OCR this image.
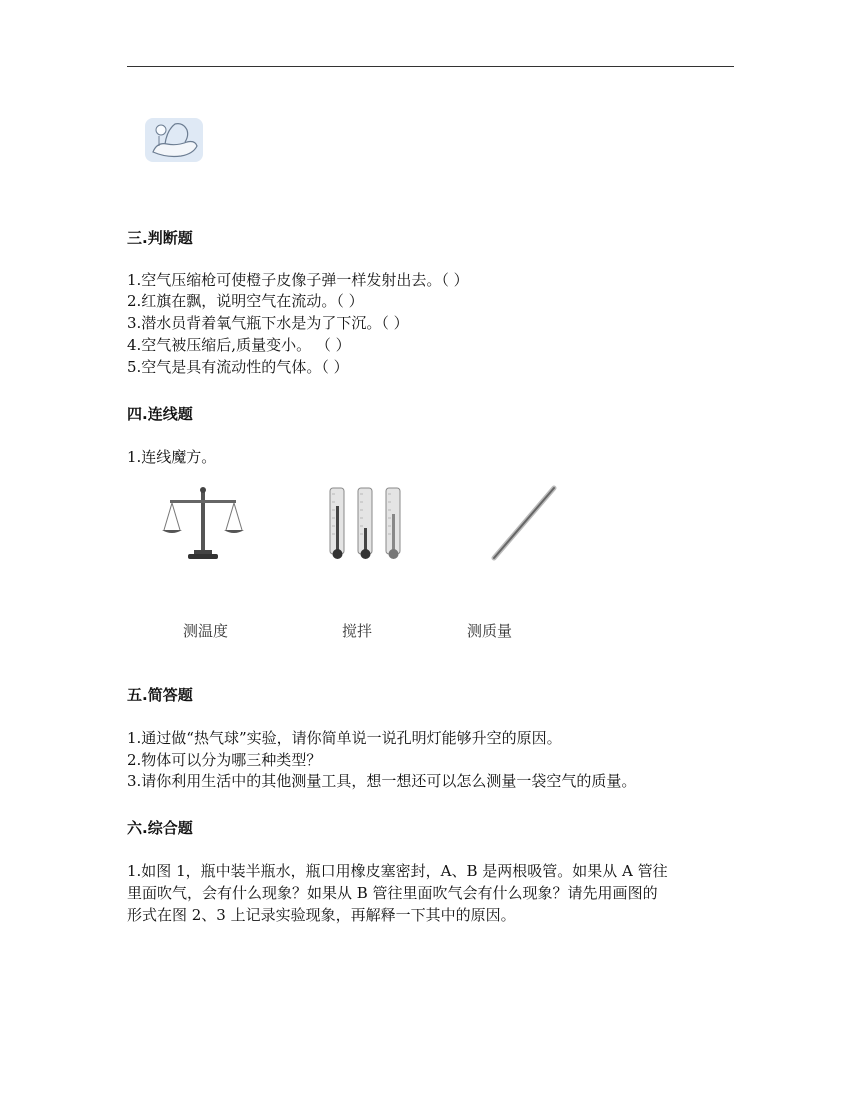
三.判断题
1.空气压缩枪可使橙子皮像子弹一样发射出去。（ ）
2.红旗在飘，说明空气在流动。（ ）
3.潜水员背着氧气瓶下水是为了下沉。（ ）
4.空气被压缩后,质量变小。 （ ）
5.空气是具有流动性的气体。（ ）
四.连线题
1.连线魔方。
测温度	搅拌	测质量
五.简答题
1.通过做“热气球”实验，请你简单说一说孔明灯能够升空的原因。
2.物体可以分为哪三种类型？
3.请你利用生活中的其他测量工具，想一想还可以怎么测量一袋空气的质量。
六.综合题
1.如图 1，瓶中装半瓶水，瓶口用橡皮塞密封，A、B 是两根吸管。如果从 A 管往
里面吹气，会有什么现象？如果从 B 管往里面吹气会有什么现象？请先用画图的
形式在图 2、3 上记录实验现象，再解释一下其中的原因。
